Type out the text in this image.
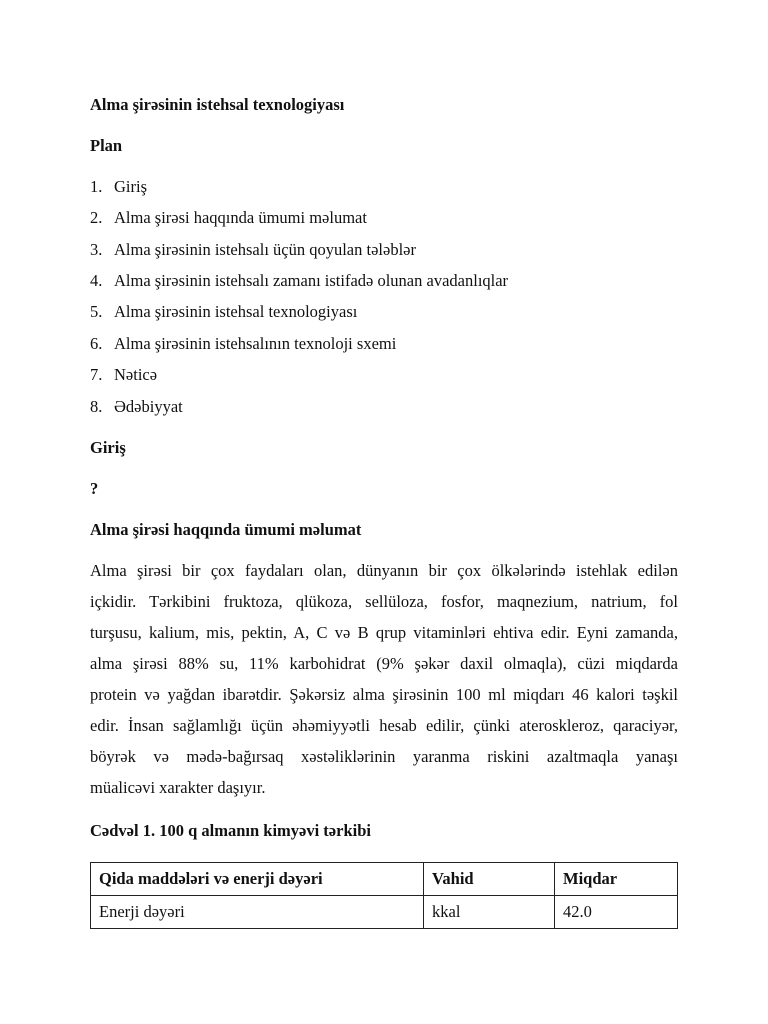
Alma şirəsinin istehsal texnologiyası
Plan
1. Giriş
2. Alma şirəsi haqqında ümumi məlumat
3. Alma şirəsinin istehsalı üçün qoyulan tələblər
4. Alma şirəsinin istehsalı zamanı istifadə olunan avadanlıqlar
5. Alma şirəsinin istehsal texnologiyası
6. Alma şirəsinin istehsalının texnoloji sxemi
7. Nəticə
8. Ədəbiyyat
Giriş
?
Alma şirəsi haqqında ümumi məlumat
Alma şirəsi bir çox faydaları olan, dünyanın bir çox ölkələrində istehlak edilən
içkidir. Tərkibini fruktoza, qlükoza, sellüloza, fosfor, maqnezium, natrium, fol
turşusu, kalium, mis, pektin, A, C və B qrup vitaminləri ehtiva edir. Eyni zamanda,
alma şirəsi 88% su, 11% karbohidrat (9% şəkər daxil olmaqla), cüzi miqdarda
protein və yağdan ibarətdir. Şəkərsiz alma şirəsinin 100 ml miqdarı 46 kalori təşkil
edir. İnsan sağlamlığı üçün əhəmiyyətli hesab edilir, çünki ateroskleroz, qaraciyər,
böyrək və mədə-bağırsaq xəstəliklərinin yaranma riskini azaltmaqla yanaşı
müalicəvi xarakter daşıyır.
Cədvəl 1. 100 q almanın kimyəvi tərkibi
Qida maddələri və enerji dəyəri	Vahid	Miqdar
Enerji dəyəri	kkal	42.0
